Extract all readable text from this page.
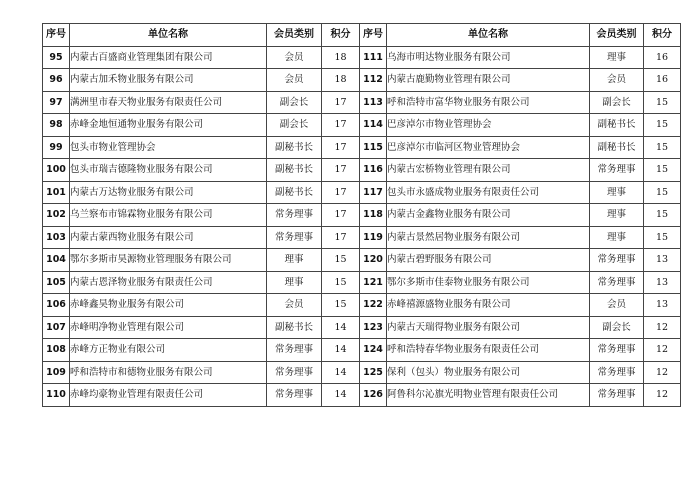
序号	单位名称	会员类别	积分	序号	单位名称	会员类别	积分
95	内蒙古百盛商业管理集团有限公司	会员	18	111	乌海市明达物业服务有限公司	理事	16
96	内蒙古加禾物业服务有限公司	会员	18	112	内蒙古鹿勤物业管理有限公司	会员	16
97	满洲里市春天物业服务有限责任公司	副会长	17	113	呼和浩特市富华物业服务有限公司	副会长	15
98	赤峰金地恒通物业服务有限公司	副会长	17	114	巴彦淖尔市物业管理协会	副秘书长	15
99	包头市物业管理协会	副秘书长	17	115	巴彦淖尔市临河区物业管理协会	副秘书长	15
100	包头市瑞吉德隆物业服务有限公司	副秘书长	17	116	内蒙古宏桥物业管理有限公司	常务理事	15
101	内蒙古万达物业服务有限公司	副秘书长	17	117	包头市永盛成物业服务有限责任公司	理事	15
102	乌兰察布市锦霖物业服务有限公司	常务理事	17	118	内蒙古金鑫物业服务有限公司	理事	15
103	内蒙古蒙西物业服务有限公司	常务理事	17	119	内蒙古景然居物业服务有限公司	理事	15
104	鄂尔多斯市昊源物业管理服务有限公司	理事	15	120	内蒙古碧野服务有限公司	常务理事	13
105	内蒙古恩泽物业服务有限责任公司	理事	15	121	鄂尔多斯市佳泰物业服务有限公司	常务理事	13
106	赤峰鑫昊物业服务有限公司	会员	15	122	赤峰禧源盛物业服务有限公司	会员	13
107	赤峰明净物业管理有限公司	副秘书长	14	123	内蒙古天瑞得物业服务有限公司	副会长	12
108	赤峰方正物业有限公司	常务理事	14	124	呼和浩特春华物业服务有限责任公司	常务理事	12
109	呼和浩特市和德物业服务有限公司	常务理事	14	125	保利（包头）物业服务有限公司	常务理事	12
110	赤峰均豪物业管理有限责任公司	常务理事	14	126	阿鲁科尔沁旗光明物业管理有限责任公司	常务理事	12
